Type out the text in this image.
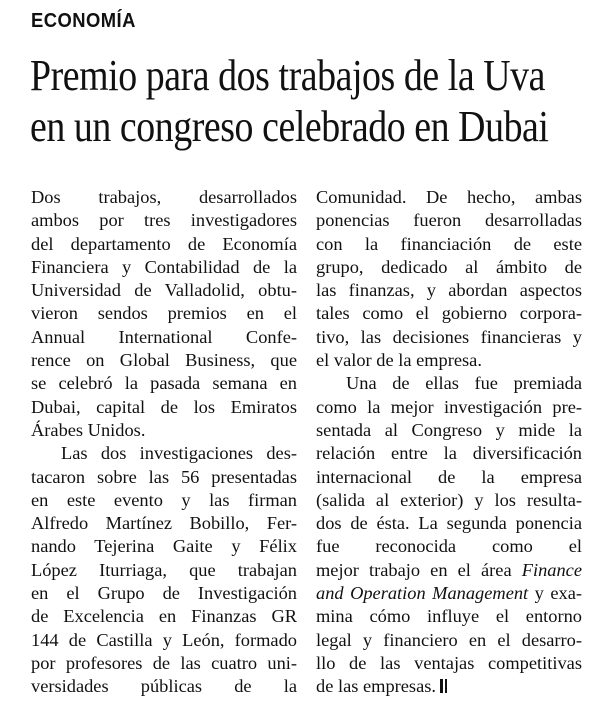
ECONOMÍA
Premio para dos trabajos de la Uva
en un congreso celebrado en Dubai
Dos trabajos, desarrollados
ambos por tres investigadores
del departamento de Economía
Financiera y Contabilidad de la
Universidad de Valladolid, obtu-
vieron sendos premios en el
Annual International Confe-
rence on Global Business, que
se celebró la pasada semana en
Dubai, capital de los Emiratos
Árabes Unidos.
Las dos investigaciones des-
tacaron sobre las 56 presentadas
en este evento y las firman
Alfredo Martínez Bobillo, Fer-
nando Tejerina Gaite y Félix
López Iturriaga, que trabajan
en el Grupo de Investigación
de Excelencia en Finanzas GR
144 de Castilla y León, formado
por profesores de las cuatro uni-
versidades públicas de la
Comunidad. De hecho, ambas
ponencias fueron desarrolladas
con la financiación de este
grupo, dedicado al ámbito de
las finanzas, y abordan aspectos
tales como el gobierno corpora-
tivo, las decisiones financieras y
el valor de la empresa.
Una de ellas fue premiada
como la mejor investigación pre-
sentada al Congreso y mide la
relación entre la diversificación
internacional de la empresa
(salida al exterior) y los resulta-
dos de ésta. La segunda ponencia
fue reconocida como el
mejor trabajo en el área Finance
and Operation Management y exa-
mina cómo influye el entorno
legal y financiero en el desarro-
llo de las ventajas competitivas
de las empresas.
